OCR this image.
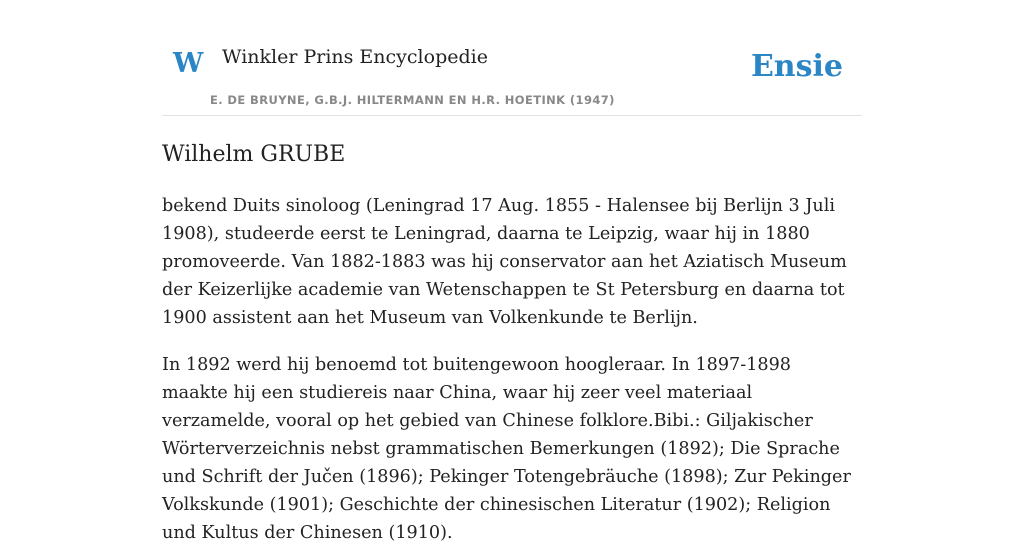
W Winkler Prins Encyclopedie
E. DE BRUYNE, G.B.J. HILTERMANN EN H.R. HOETINK (1947)
Ensie
Wilhelm GRUBE

bekend Duits sinoloog (Leningrad 17 Aug. 1855 - Halensee bij Berlijn 3 Juli 1908), studeerde eerst te Leningrad, daarna te Leipzig, waar hij in 1880 promoveerde. Van 1882-1883 was hij conservator aan het Aziatisch Museum der Keizerlijke academie van Wetenschappen te St Petersburg en daarna tot 1900 assistent aan het Museum van Volkenkunde te Berlijn.

In 1892 werd hij benoemd tot buitengewoon hoogleraar. In 1897-1898 maakte hij een studiereis naar China, waar hij zeer veel materiaal verzamelde, vooral op het gebied van Chinese folklore.Bibi.: Giljakischer Wörterverzeichnis nebst grammatischen Bemerkungen (1892); Die Sprache und Schrift der Jučen (1896); Pekinger Totengebräuche (1898); Zur Pekinger Volkskunde (1901); Geschichte der chinesischen Literatur (1902); Religion und Kultus der Chinesen (1910).
